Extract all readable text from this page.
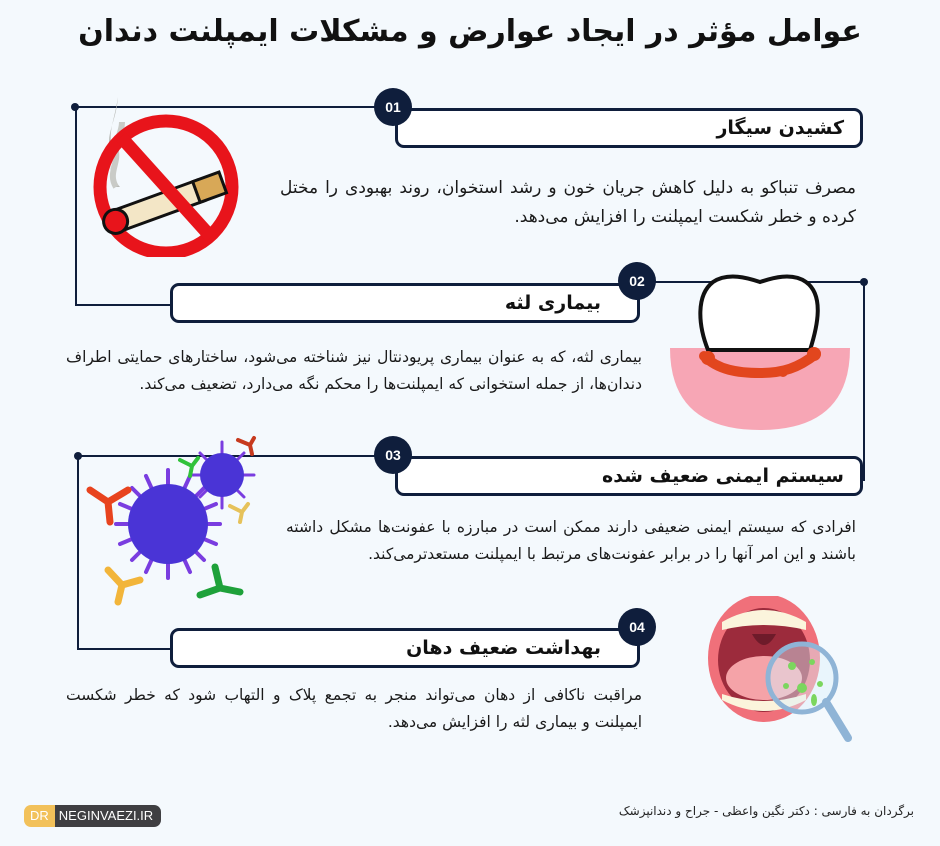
عوامل مؤثر در ایجاد عوارض و مشکلات ایمپلنت دندان
کشیدن سیگار
01
مصرف تنباکو به دلیل کاهش جریان خون و رشد استخوان، روند بهبودی را مختل کرده و خطر شکست ایمپلنت را افزایش می‌دهد.
بیماری لثه
02
بیماری لثه، که به عنوان بیماری پریودنتال نیز شناخته می‌شود، ساختارهای حمایتی اطراف دندان‌ها، از جمله استخوانی که ایمپلنت‌ها را محکم نگه می‌دارد، تضعیف می‌کند.
سیستم ایمنی ضعیف شده
03
افرادی که سیستم ایمنی ضعیفی دارند ممکن است در مبارزه با عفونت‌ها مشکل داشته باشند و این امر آنها را در برابر عفونت‌های مرتبط با ایمپلنت مستعدترمی‌کند.
بهداشت ضعیف دهان
04
مراقبت ناکافی از دهان می‌تواند منجر به تجمع پلاک و التهاب شود که خطر شکست ایمپلنت و بیماری لثه را افزایش می‌دهد.
DR NEGINVAEZI.IR	برگردان به فارسی : دکتر نگین واعظی - جراح و دندانپزشک
